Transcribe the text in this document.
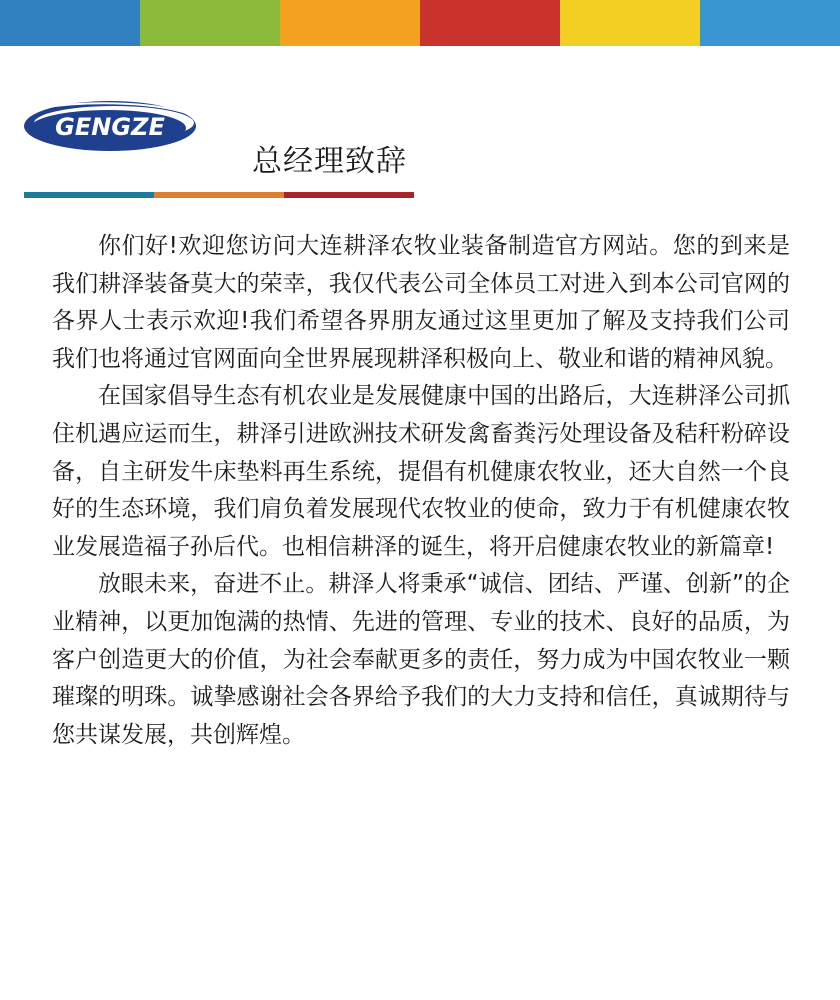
GENGZE
总经理致辞

你们好!欢迎您访问大连耕泽农牧业装备制造官方网站。您的到来是我们耕泽装备莫大的荣幸，我仅代表公司全体员工对进入到本公司官网的各界人士表示欢迎!我们希望各界朋友通过这里更加了解及支持我们公司我们也将通过官网面向全世界展现耕泽积极向上、敬业和谐的精神风貌。

在国家倡导生态有机农业是发展健康中国的出路后，大连耕泽公司抓住机遇应运而生，耕泽引进欧洲技术研发禽畜粪污处理设备及秸秆粉碎设备，自主研发牛床垫料再生系统，提倡有机健康农牧业，还大自然一个良好的生态环境，我们肩负着发展现代农牧业的使命，致力于有机健康农牧业发展造福子孙后代。也相信耕泽的诞生，将开启健康农牧业的新篇章!

放眼未来，奋进不止。耕泽人将秉承“诚信、团结、严谨、创新”的企业精神，以更加饱满的热情、先进的管理、专业的技术、良好的品质，为客户创造更大的价值，为社会奉献更多的责任，努力成为中国农牧业一颗璀璨的明珠。诚挚感谢社会各界给予我们的大力支持和信任，真诚期待与您共谋发展，共创辉煌。
